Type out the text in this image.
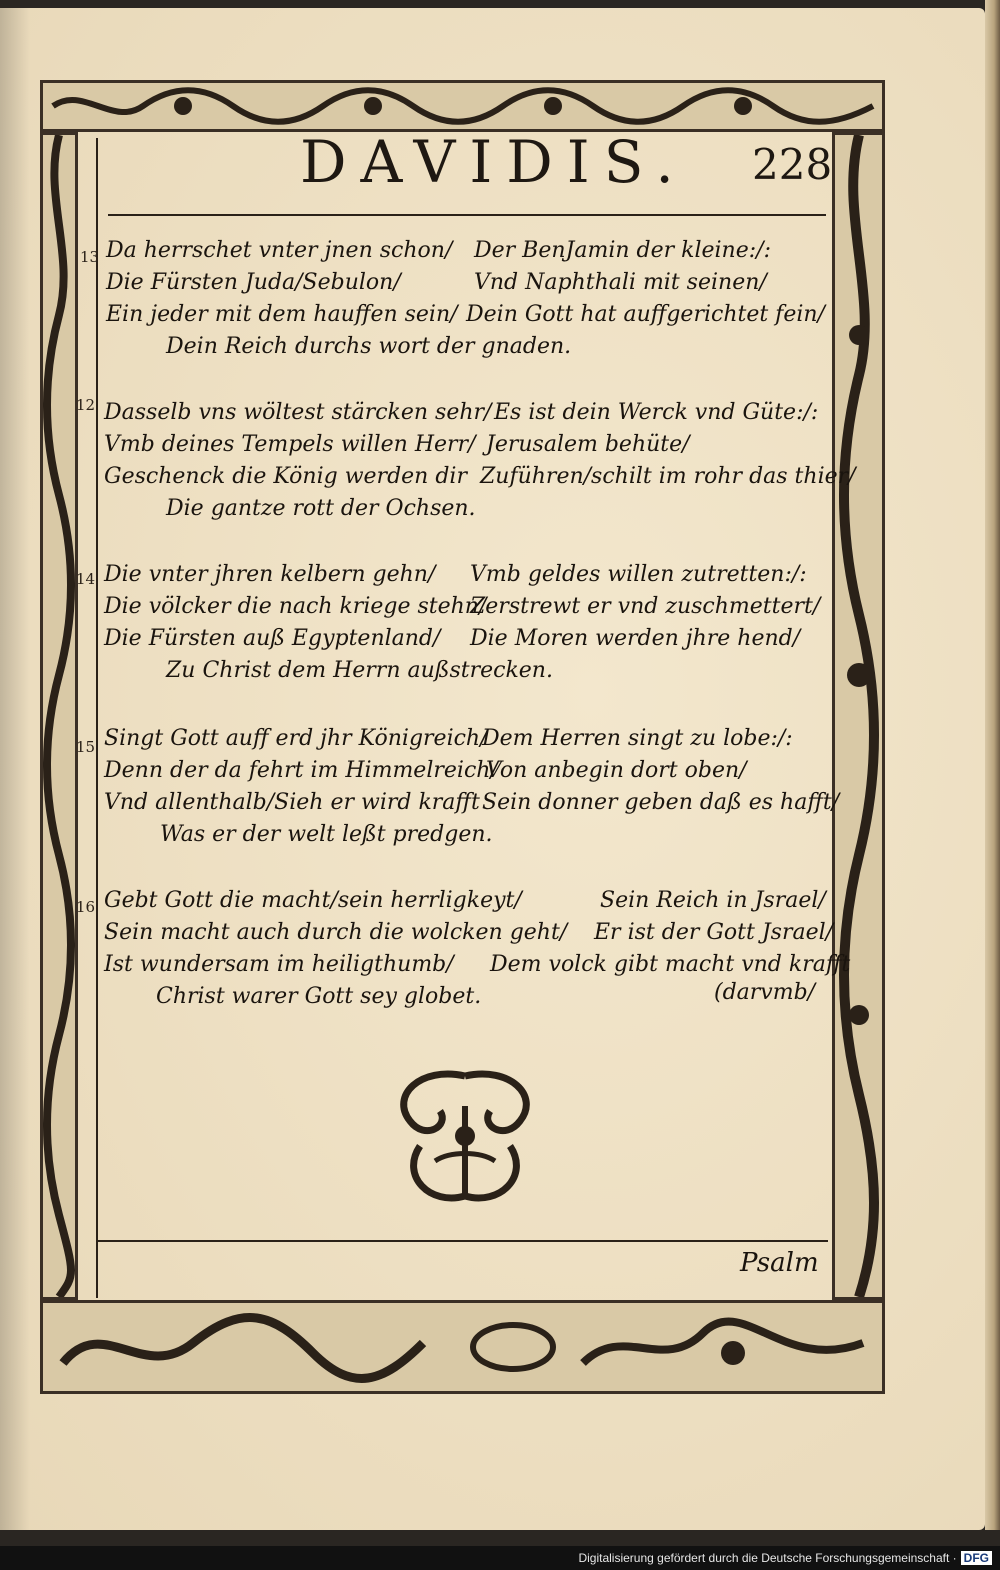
DAVIDIS. 228
13 Da herrschet vnter jnen schon/
Die Fürsten Juda/Sebulon/
Ein jeder mit dem hauffen sein/
Der BenJamin der kleine:/:
Vnd Naphthali mit seinen/
Dein Gott hat auffgerichtet fein/
Dein Reich durchs wort der gnaden.
12 Dasselb vns wöltest stärcken sehr/
Vmb deines Tempels willen Herr/
Geschenck die König werden dir
Es ist dein Werck vnd Güte:/:
Jerusalem behüte/
Zuführen/schilt im rohr das thier/
Die gantze rott der Ochsen.
14 Die vnter jhren kelbern gehn/
Die völcker die nach kriege stehn/
Die Fürsten auß Egyptenland/
Vmb geldes willen zutretten:/:
Zerstrewt er vnd zuschmettert/
Die Moren werden jhre hend/
Zu Christ dem Herrn außstrecken.
15 Singt Gott auff erd jhr Königreich/
Denn der da fehrt im Himmelreich/
Vnd allenthalb/Sieh er wird krafft
Dem Herren singt zu lobe:/:
Von anbegin dort oben/
Sein donner geben daß es hafft/
Was er der welt leßt predgen.
16 Gebt Gott die macht/sein herrligkeyt/
Sein macht auch durch die wolcken geht/
Ist wundersam im heiligthumb/
Sein Reich in Jsrael/
Er ist der Gott Jsrael/
Dem volck gibt macht vnd krafft
Christ warer Gott sey globet.	(darvmb/
Psalm
Digitalisierung gefördert durch die Deutsche Forschungsgemeinschaft · DFG
